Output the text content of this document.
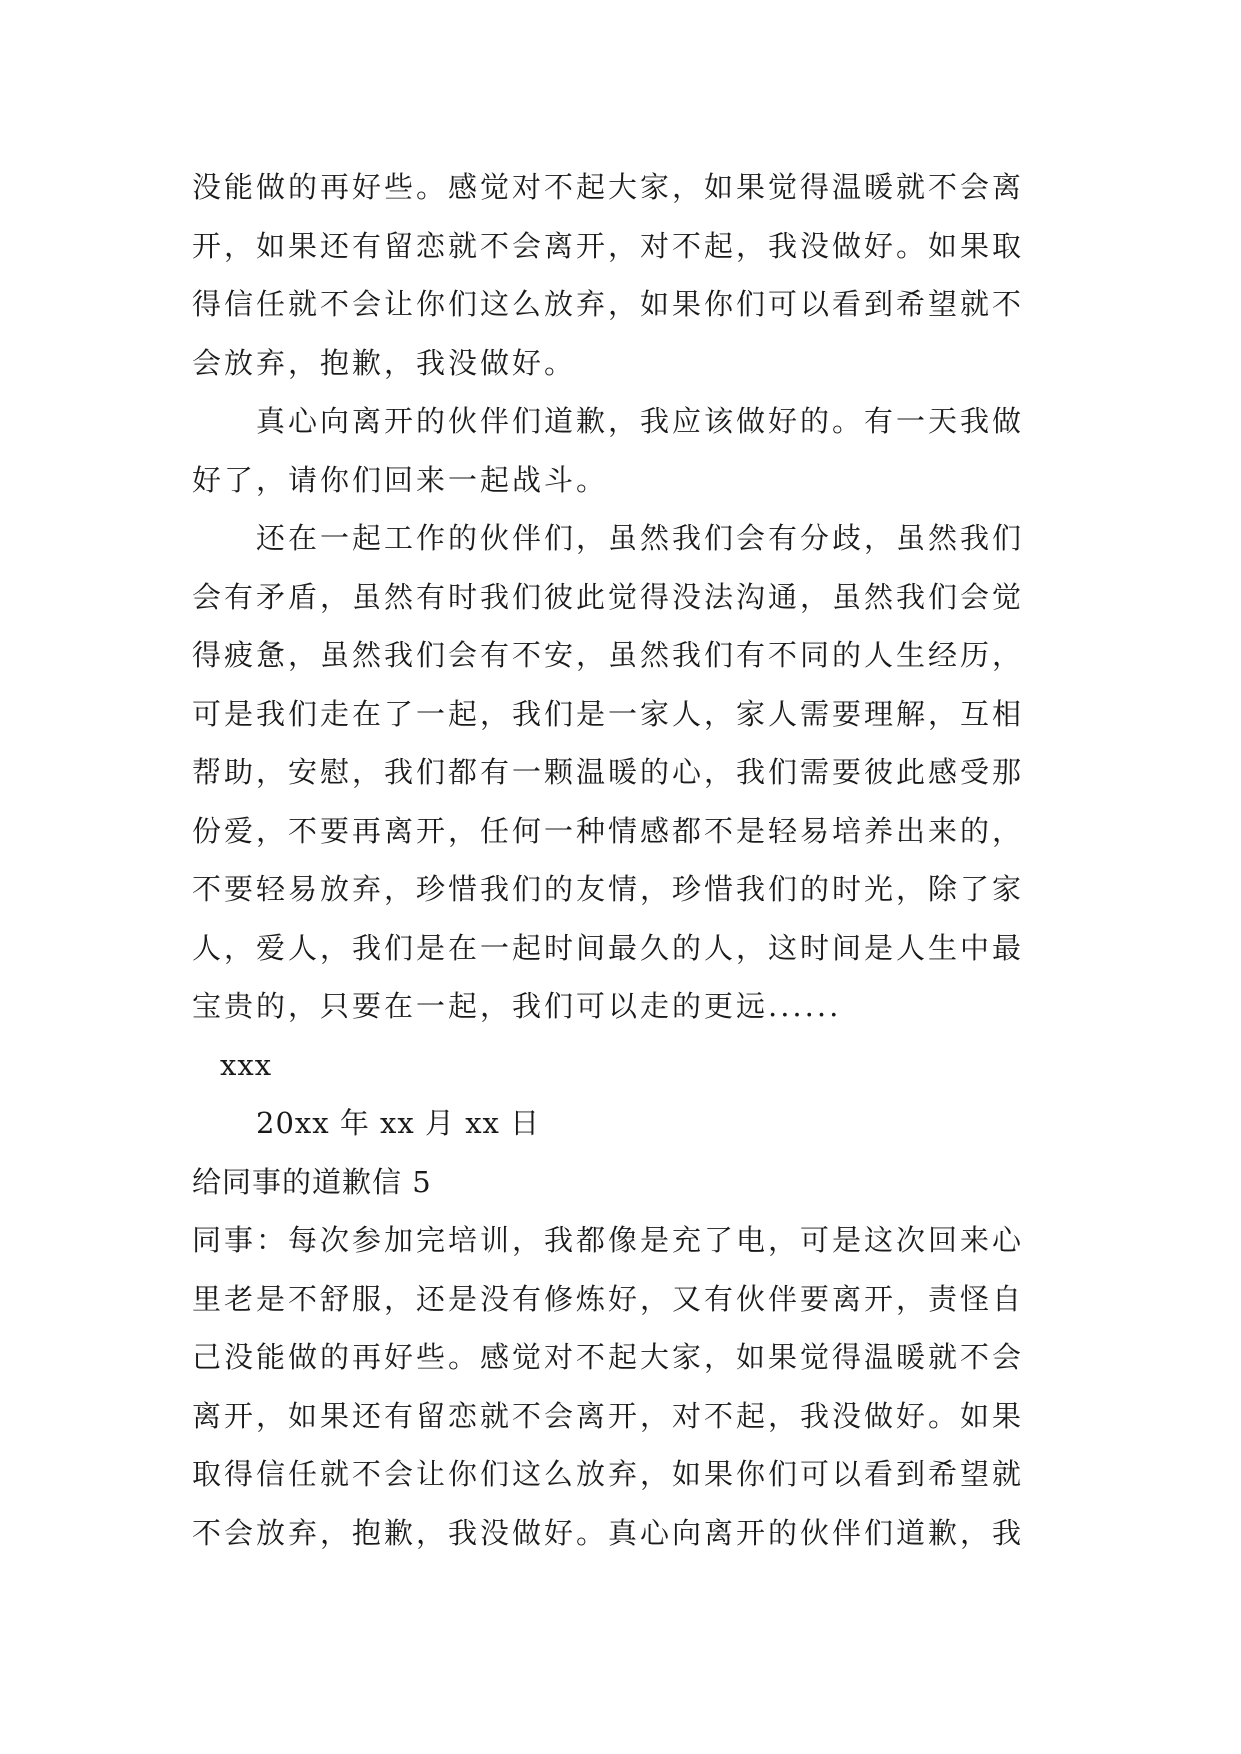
没能做的再好些。感觉对不起大家，如果觉得温暖就不会离
开，如果还有留恋就不会离开，对不起，我没做好。如果取
得信任就不会让你们这么放弃，如果你们可以看到希望就不
会放弃，抱歉，我没做好。
真心向离开的伙伴们道歉，我应该做好的。有一天我做
好了，请你们回来一起战斗。
还在一起工作的伙伴们，虽然我们会有分歧，虽然我们
会有矛盾，虽然有时我们彼此觉得没法沟通，虽然我们会觉
得疲惫，虽然我们会有不安，虽然我们有不同的人生经历，
可是我们走在了一起，我们是一家人，家人需要理解，互相
帮助，安慰，我们都有一颗温暖的心，我们需要彼此感受那
份爱，不要再离开，任何一种情感都不是轻易培养出来的，
不要轻易放弃，珍惜我们的友情，珍惜我们的时光，除了家
人，爱人，我们是在一起时间最久的人，这时间是人生中最
宝贵的，只要在一起，我们可以走的更远......
xxx
20xx 年 xx 月 xx 日
给同事的道歉信 5
同事：每次参加完培训，我都像是充了电，可是这次回来心
里老是不舒服，还是没有修炼好，又有伙伴要离开，责怪自
己没能做的再好些。感觉对不起大家，如果觉得温暖就不会
离开，如果还有留恋就不会离开，对不起，我没做好。如果
取得信任就不会让你们这么放弃，如果你们可以看到希望就
不会放弃，抱歉，我没做好。真心向离开的伙伴们道歉，我
